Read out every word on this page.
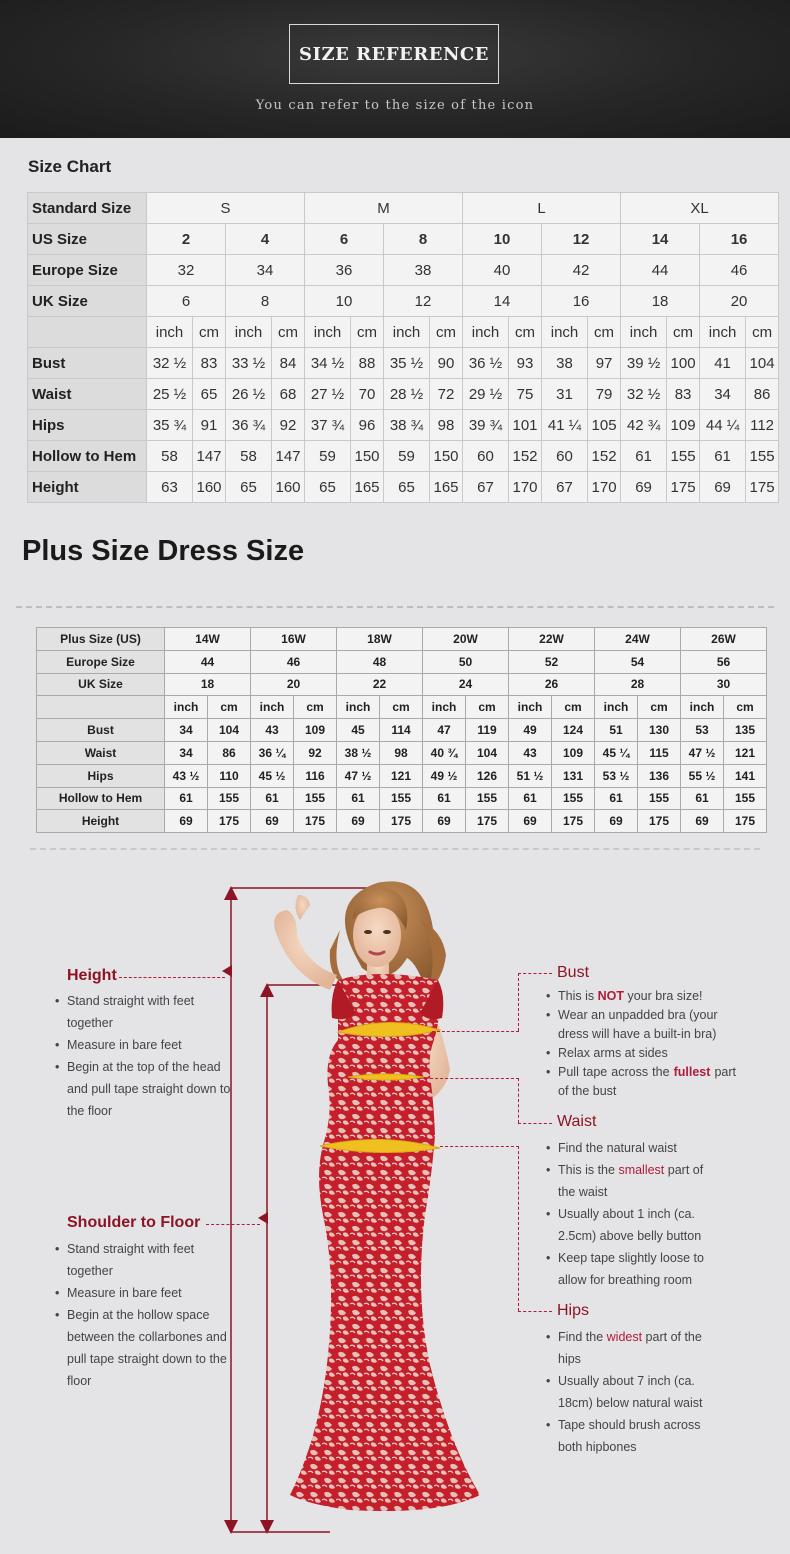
SIZE REFERENCE
You can refer to the size of the icon
Size Chart
Standard Size	S				M				L				XL			
US Size	2		4		6		8		10		12		14		16	
Europe Size	32		34		36		38		40		42		44		46	
UK Size	6		8		10		12		14		16		18		20	
	inch	cm	inch	cm	inch	cm	inch	cm	inch	cm	inch	cm	inch	cm	inch	cm
Bust	32 ½	83	33 ½	84	34 ½	88	35 ½	90	36 ½	93	38	97	39 ½	100	41	104
Waist	25 ½	65	26 ½	68	27 ½	70	28 ½	72	29 ½	75	31	79	32 ½	83	34	86
Hips	35 ¾	91	36 ¾	92	37 ¾	96	38 ¾	98	39 ¾	101	41 ¼	105	42 ¾	109	44 ¼	112
Hollow to Hem	58	147	58	147	59	150	59	150	60	152	60	152	61	155	61	155
Height	63	160	65	160	65	165	65	165	67	170	67	170	69	175	69	175
Plus Size Dress Size
Plus Size (US)	14W		16W		18W		20W		22W		24W		26W	
Europe Size	44		46		48		50		52		54		56	
UK Size	18		20		22		24		26		28		30	
	inch	cm	inch	cm	inch	cm	inch	cm	inch	cm	inch	cm	inch	cm
Bust	34	104	43	109	45	114	47	119	49	124	51	130	53	135
Waist	34	86	36 ¼	92	38 ½	98	40 ¾	104	43	109	45 ¼	115	47 ½	121
Hips	43 ½	110	45 ½	116	47 ½	121	49 ½	126	51 ½	131	53 ½	136	55 ½	141
Hollow to Hem	61	155	61	155	61	155	61	155	61	155	61	155	61	155
Height	69	175	69	175	69	175	69	175	69	175	69	175	69	175
Height
• Stand straight with feet together
• Measure in bare feet
• Begin at the top of the head and pull tape straight down to the floor
Shoulder to Floor
• Stand straight with feet together
• Measure in bare feet
• Begin at the hollow space between the collarbones and pull tape straight down to the floor
Bust
• This is NOT your bra size!
• Wear an unpadded bra (your dress will have a built-in bra)
• Relax arms at sides
• Pull tape across the fullest part of the bust
Waist
• Find the natural waist
• This is the smallest part of the waist
• Usually about 1 inch (ca. 2.5cm) above belly button
• Keep tape slightly loose to allow for breathing room
Hips
• Find the widest part of the hips
• Usually about 7 inch (ca. 18cm) below natural waist
• Tape should brush across both hipbones
